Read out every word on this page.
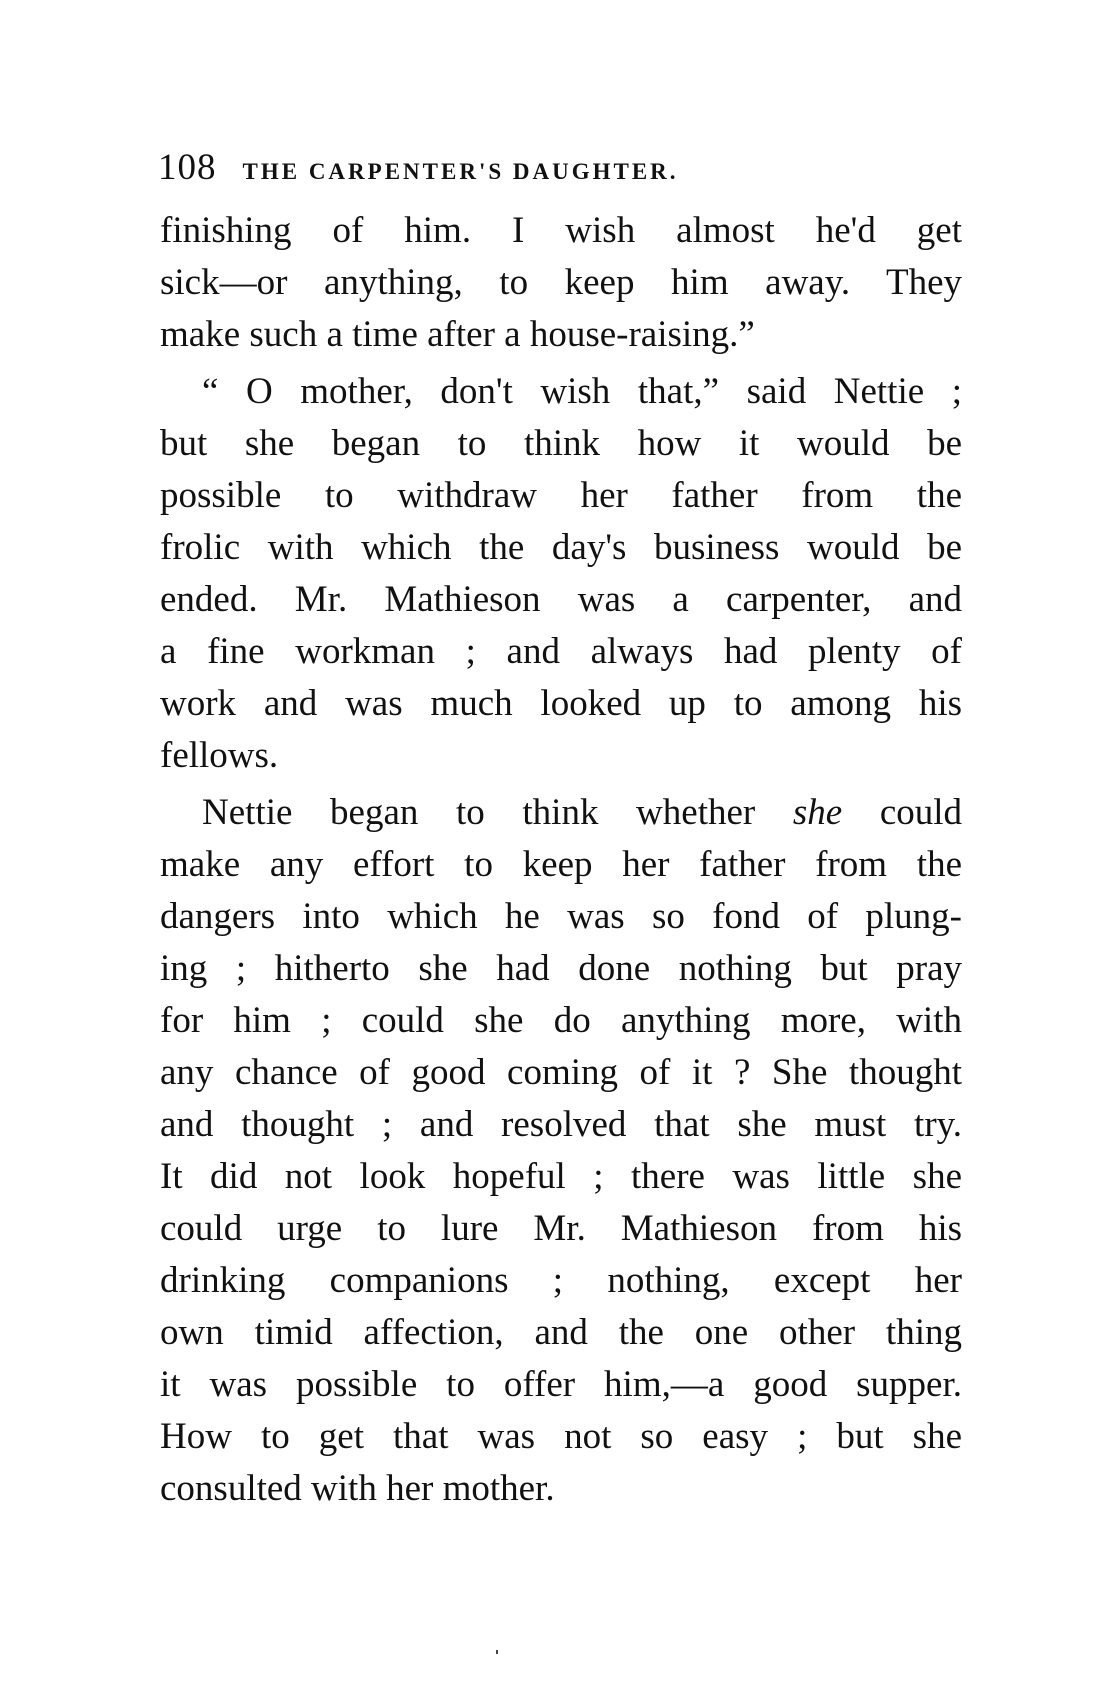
108 THE CARPENTER'S DAUGHTER.
finishing of him. I wish almost he'd get
sick—or anything, to keep him away. They
make such a time after a house-raising.”
“ O mother, don't wish that,” said Nettie ;
but she began to think how it would be
possible to withdraw her father from the
frolic with which the day's business would be
ended. Mr. Mathieson was a carpenter, and
a fine workman ; and always had plenty of
work and was much looked up to among his
fellows.
Nettie began to think whether she could
make any effort to keep her father from the
dangers into which he was so fond of plung-
ing ; hitherto she had done nothing but pray
for him ; could she do anything more, with
any chance of good coming of it ? She thought
and thought ; and resolved that she must try.
It did not look hopeful ; there was little she
could urge to lure Mr. Mathieson from his
drinking companions ; nothing, except her
own timid affection, and the one other thing
it was possible to offer him,—a good supper.
How to get that was not so easy ; but she
consulted with her mother.
